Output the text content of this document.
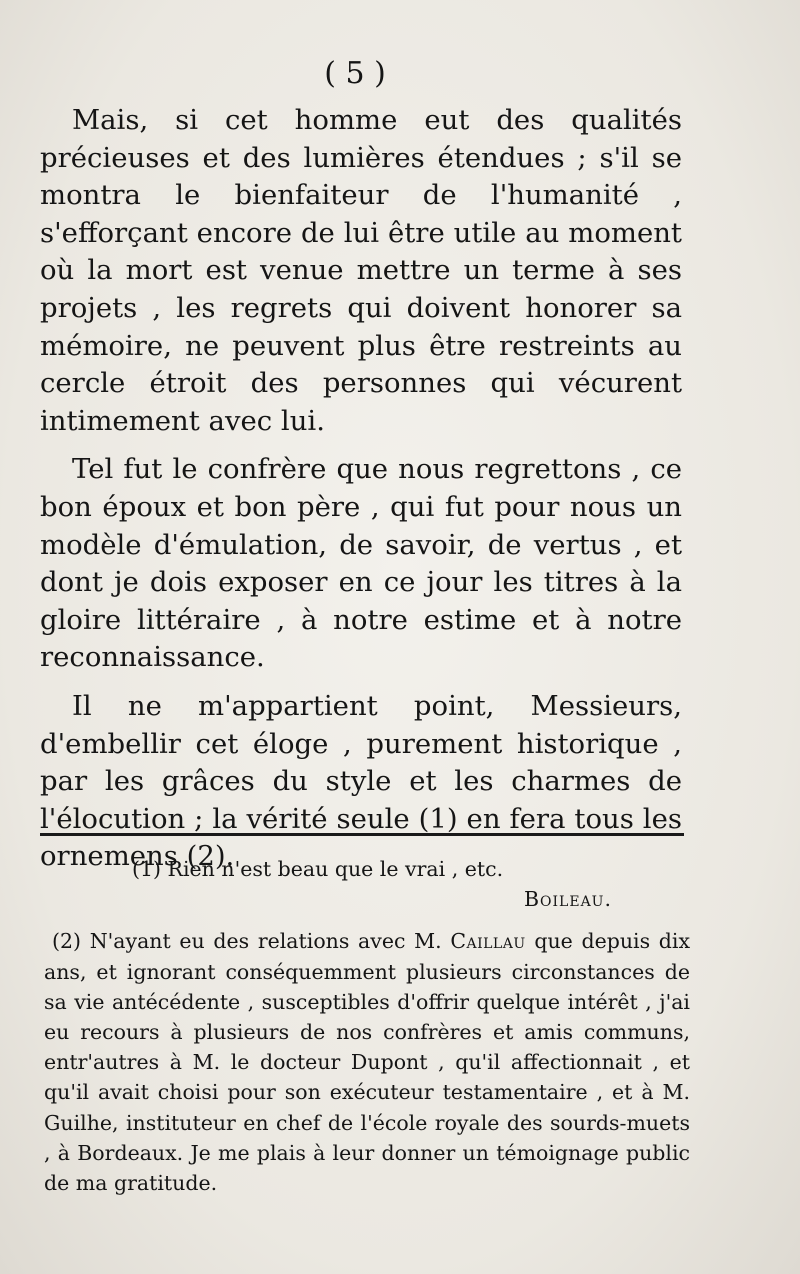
( 5 )

Mais, si cet homme eut des qualités précieuses et des lumières étendues ; s'il se montra le bienfaiteur de l'humanité , s'efforçant encore de lui être utile au moment où la mort est venue mettre un terme à ses projets , les regrets qui doivent honorer sa mémoire, ne peuvent plus être restreints au cercle étroit des personnes qui vécurent intimement avec lui.

Tel fut le confrère que nous regrettons , ce bon époux et bon père , qui fut pour nous un modèle d'émulation, de savoir, de vertus , et dont je dois exposer en ce jour les titres à la gloire littéraire , à notre estime et à notre reconnaissance.

Il ne m'appartient point, Messieurs, d'embellir cet éloge , purement historique , par les grâces du style et les charmes de l'élocution ; la vérité seule (1) en fera tous les ornemens (2).

(1) Rien n'est beau que le vrai , etc.

Boileau.

(2) N'ayant eu des relations avec M. Caillau que depuis dix ans, et ignorant conséquemment plusieurs circonstances de sa vie antécédente , susceptibles d'offrir quelque intérêt , j'ai eu recours à plusieurs de nos confrères et amis communs, entr'autres à M. le docteur Dupont , qu'il affectionnait , et qu'il avait choisi pour son exécuteur testamentaire , et à M. Guilhe, instituteur en chef de l'école royale des sourds-muets , à Bordeaux. Je me plais à leur donner un témoignage public de ma gratitude.
